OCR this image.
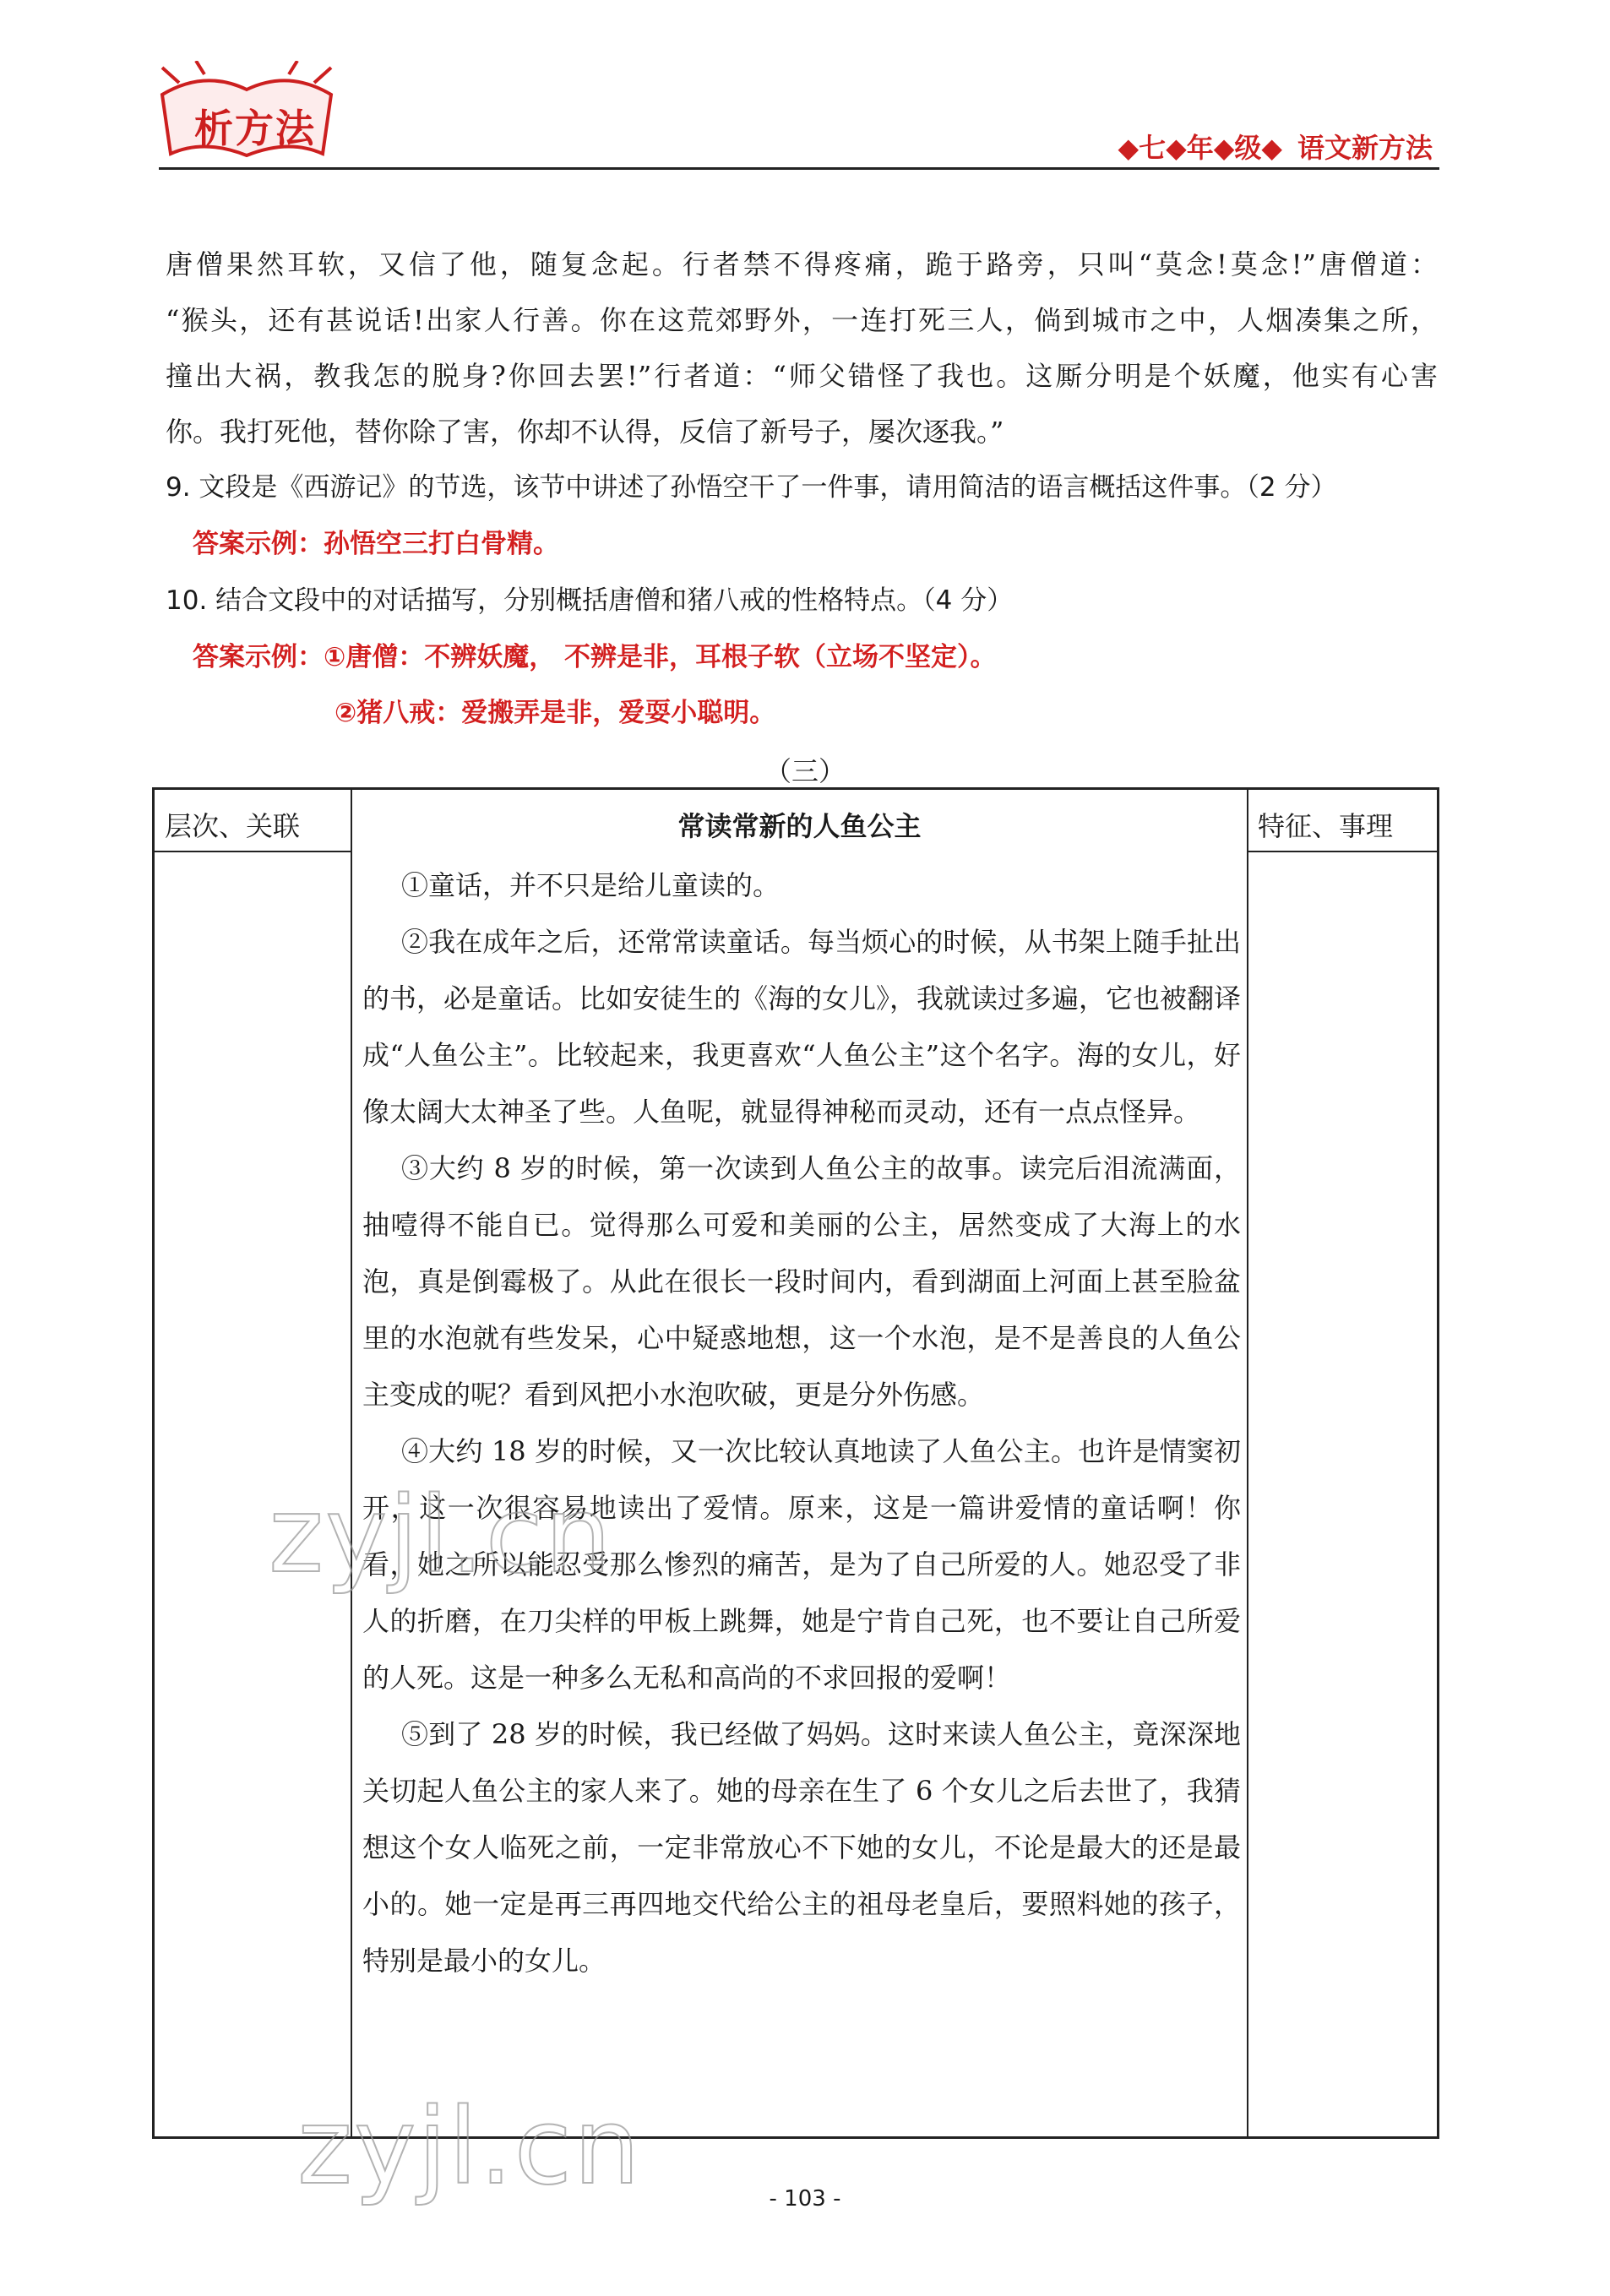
析方法	◆七◆年◆级◆ 语文新方法
唐僧果然耳软，又信了他，随复念起。行者禁不得疼痛，跪于路旁，只叫“莫念!莫念!”唐僧道：
“猴头，还有甚说话!出家人行善。你在这荒郊野外，一连打死三人，倘到城市之中，人烟凑集之所，
撞出大祸，教我怎的脱身?你回去罢!”行者道：“师父错怪了我也。这厮分明是个妖魔，他实有心害
你。我打死他，替你除了害，你却不认得，反信了新号子，屡次逐我。”
9. 文段是《西游记》的节选，该节中讲述了孙悟空干了一件事，请用简洁的语言概括这件事。（2 分）
答案示例：孙悟空三打白骨精。
10. 结合文段中的对话描写，分别概括唐僧和猪八戒的性格特点。（4 分）
答案示例：①唐僧：不辨妖魔， 不辨是非，耳根子软（立场不坚定）。
②猪八戒：爱搬弄是非，爱耍小聪明。
（三）
层次、关联	常读常新的人鱼公主	特征、事理

①童话，并不只是给儿童读的。

②我在成年之后，还常常读童话。每当烦心的时候，从书架上随手扯出的书，必是童话。比如安徒生的《海的女儿》，我就读过多遍，它也被翻译成“人鱼公主”。比较起来，我更喜欢“人鱼公主”这个名字。海的女儿，好像太阔大太神圣了些。人鱼呢，就显得神秘而灵动，还有一点点怪异。

③大约 8 岁的时候，第一次读到人鱼公主的故事。读完后泪流满面，抽噎得不能自已。觉得那么可爱和美丽的公主，居然变成了大海上的水泡，真是倒霉极了。从此在很长一段时间内，看到湖面上河面上甚至脸盆里的水泡就有些发呆，心中疑惑地想，这一个水泡，是不是善良的人鱼公主变成的呢？看到风把小水泡吹破，更是分外伤感。

④大约 18 岁的时候，又一次比较认真地读了人鱼公主。也许是情窦初开，这一次很容易地读出了爱情。原来，这是一篇讲爱情的童话啊！你看，她之所以能忍受那么惨烈的痛苦，是为了自己所爱的人。她忍受了非人的折磨，在刀尖样的甲板上跳舞，她是宁肯自己死，也不要让自己所爱的人死。这是一种多么无私和高尚的不求回报的爱啊！

⑤到了 28 岁的时候，我已经做了妈妈。这时来读人鱼公主，竟深深地关切起人鱼公主的家人来了。她的母亲在生了 6 个女儿之后去世了，我猜想这个女人临死之前，一定非常放心不下她的女儿，不论是最大的还是最小的。她一定是再三再四地交代给公主的祖母老皇后，要照料她的孩子，特别是最小的女儿。

zyjl.cn
zyjl.cn	- 103 -
